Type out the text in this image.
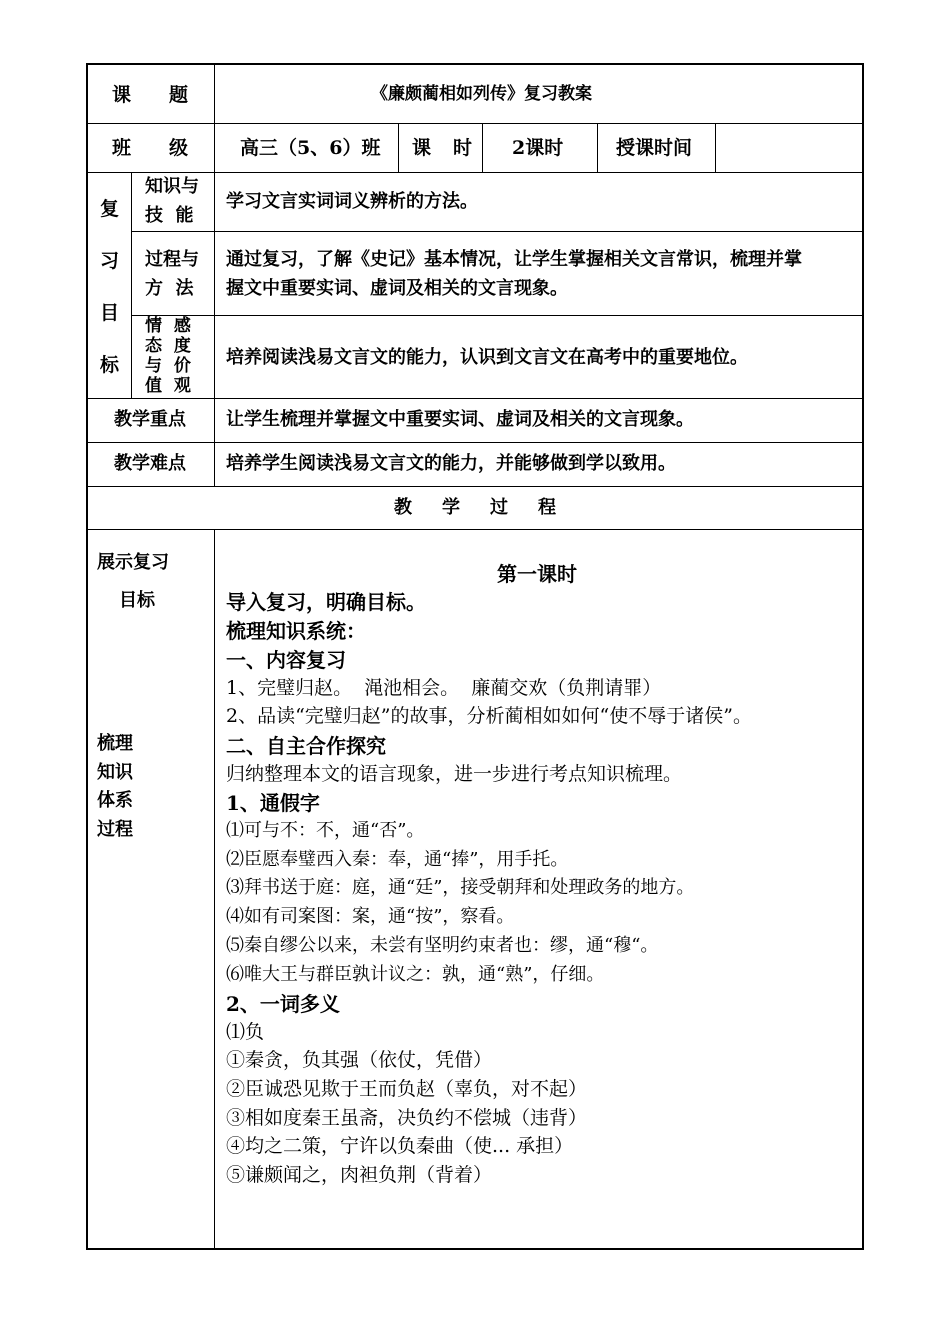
课题	《廉颇蔺相如列传》复习教案
班级 高三（5、6）班 课时 2课时	授课时间
复
习
目
标
知识与
技  能
学习文言实词词义辨析的方法。
过程与
方  法
通过复习，了解《史记》基本情况，让学生掌握相关文言常识，梳理并掌
握文中重要实词、虚词及相关的文言现象。
情  感
态  度
与  价
值  观
培养阅读浅易文言文的能力，认识到文言文在高考中的重要地位。
教学重点 让学生梳理并掌握文中重要实词、虚词及相关的文言现象。
教学难点 培养学生阅读浅易文言文的能力，并能够做到学以致用。
教学过程
展示复习
目标
梳理
知识
体系
过程
第一课时
导入复习，明确目标。
梳理知识系统：
一、内容复习
1、完璧归赵。  渑池相会。  廉蔺交欢（负荆请罪）
2、品读“完璧归赵”的故事，分析蔺相如如何“使不辱于诸侯”。
二、自主合作探究
归纳整理本文的语言现象，进一步进行考点知识梳理。
1、通假字
⑴可与不：不，通“否”。
⑵臣愿奉璧西入秦：奉，通“捧”，用手托。
⑶拜书送于庭：庭，通“廷”，接受朝拜和处理政务的地方。
⑷如有司案图：案，通“按”，察看。
⑸秦自缪公以来，未尝有坚明约束者也：缪，通“穆“。
⑹唯大王与群臣孰计议之：孰，通“熟”，仔细。
2、一词多义
⑴负
①秦贪，负其强（依仗，凭借）
②臣诚恐见欺于王而负赵（辜负，对不起）
③相如度秦王虽斋，决负约不偿城（违背）
④均之二策，宁许以负秦曲（使... 承担）
⑤谦颇闻之，肉袒负荆（背着）
